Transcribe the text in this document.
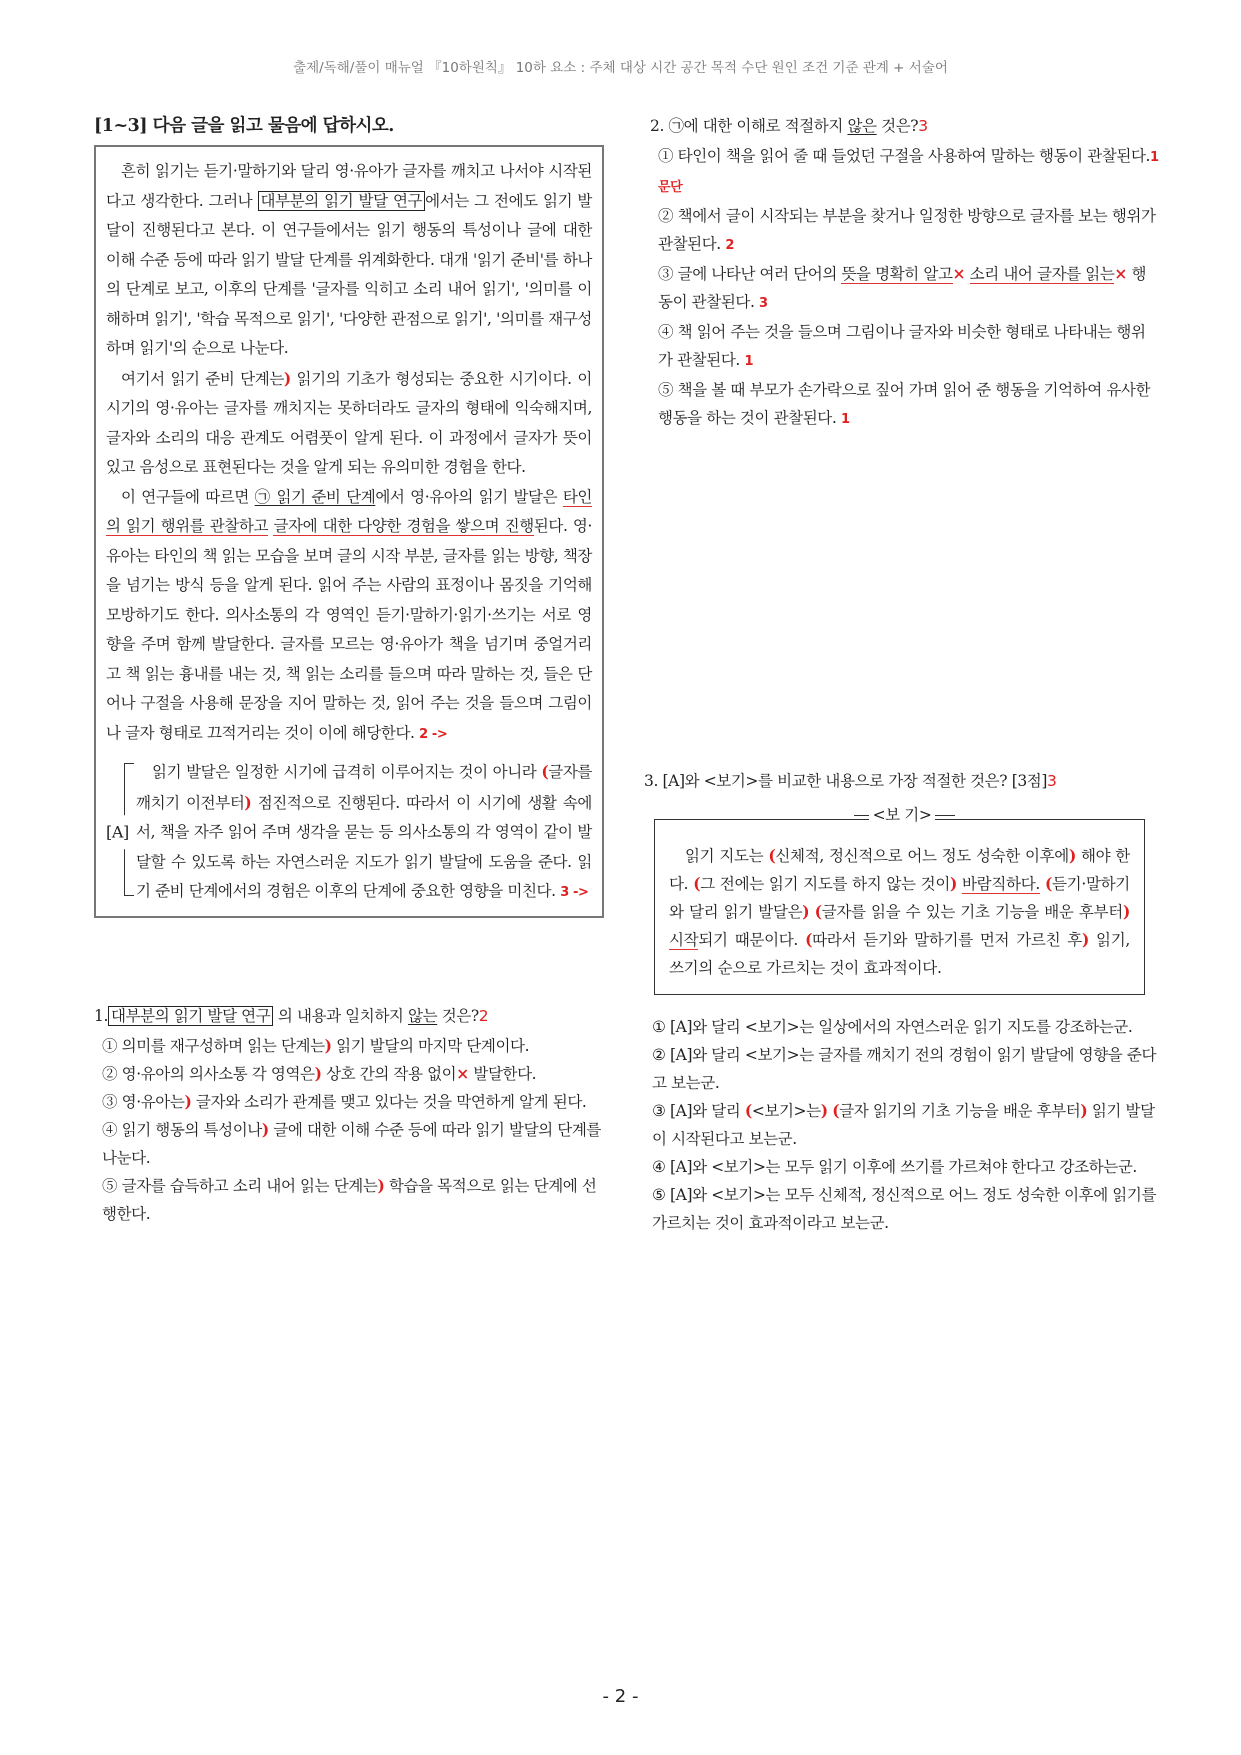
출제/독해/풀이 매뉴얼 『10하원칙』 10하 요소 : 주체 대상 시간 공간 목적 수단 원인 조건 기준 관계 + 서술어

[1~3] 다음 글을 읽고 물음에 답하시오.

흔히 읽기는 듣기·말하기와 달리 영·유아가 글자를 깨치고 나서야 시작된다고 생각한다. 그러나 대부분의 읽기 발달 연구 에서는 그 전에도 읽기 발달이 진행된다고 본다. 이 연구들에서는 읽기 행동의 특성이나 글에 대한 이해 수준 등에 따라 읽기 발달 단계를 위계화한다. 대개 '읽기 준비'를 하나의 단계로 보고, 이후의 단계를 '글자를 익히고 소리 내어 읽기', '의미를 이해하며 읽기', '학습 목적으로 읽기', '다양한 관점으로 읽기', '의미를 재구성하며 읽기'의 순으로 나눈다.

여기서 읽기 준비 단계는) 읽기의 기초가 형성되는 중요한 시기이다. 이 시기의 영·유아는 글자를 깨치지는 못하더라도 글자의 형태에 익숙해지며, 글자와 소리의 대응 관계도 어렴풋이 알게 된다. 이 과정에서 글자가 뜻이 있고 음성으로 표현된다는 것을 알게 되는 유의미한 경험을 한다.

이 연구들에 따르면 ㉠ 읽기 준비 단계에서 영·유아의 읽기 발달은 타인의 읽기 행위를 관찰하고 글자에 대한 다양한 경험을 쌓으며 진행된다. 영·유아는 타인의 책 읽는 모습을 보며 글의 시작 부분, 글자를 읽는 방향, 책장을 넘기는 방식 등을 알게 된다. 읽어 주는 사람의 표정이나 몸짓을 기억해 모방하기도 한다. 의사소통의 각 영역인 듣기·말하기·읽기·쓰기는 서로 영향을 주며 함께 발달한다. 글자를 모르는 영·유아가 책을 넘기며 중얼거리고 책 읽는 흉내를 내는 것, 책 읽는 소리를 들으며 따라 말하는 것, 들은 단어나 구절을 사용해 문장을 지어 말하는 것, 읽어 주는 것을 들으며 그림이나 글자 형태로 끄적거리는 것이 이에 해당한다. 2 ->

[A]

읽기 발달은 일정한 시기에 급격히 이루어지는 것이 아니라 (글자를 깨치기 이전부터) 점진적으로 진행된다. 따라서 이 시기에 생활 속에서, 책을 자주 읽어 주며 생각을 묻는 등 의사소통의 각 영역이 같이 발달할 수 있도록 하는 자연스러운 지도가 읽기 발달에 도움을 준다. 읽기 준비 단계에서의 경험은 이후의 단계에 중요한 영향을 미친다. 3 ->

1. 대부분의 읽기 발달 연구 의 내용과 일치하지 않는 것은?2

① 의미를 재구성하며 읽는 단계는) 읽기 발달의 마지막 단계이다.

② 영·유아의 의사소통 각 영역은) 상호 간의 작용 없이× 발달한다.

③ 영·유아는) 글자와 소리가 관계를 맺고 있다는 것을 막연하게 알게 된다.

④ 읽기 행동의 특성이나) 글에 대한 이해 수준 등에 따라 읽기 발달의 단계를 나눈다.

⑤ 글자를 습득하고 소리 내어 읽는 단계는) 학습을 목적으로 읽는 단계에 선행한다.

2. ㉠에 대한 이해로 적절하지 않은 것은?3

① 타인이 책을 읽어 줄 때 들었던 구절을 사용하여 말하는 행동이 관찰된다.1문단

② 책에서 글이 시작되는 부분을 찾거나 일정한 방향으로 글자를 보는 행위가 관찰된다. 2

③ 글에 나타난 여러 단어의 뜻을 명확히 알고× 소리 내어 글자를 읽는× 행동이 관찰된다. 3

④ 책 읽어 주는 것을 들으며 그림이나 글자와 비슷한 형태로 나타내는 행위가 관찰된다. 1

⑤ 책을 볼 때 부모가 손가락으로 짚어 가며 읽어 준 행동을 기억하여 유사한 행동을 하는 것이 관찰된다. 1

3. [A]와 <보기>를 비교한 내용으로 가장 적절한 것은? [3점]3

<보 기>
읽기 지도는 (신체적, 정신적으로 어느 정도 성숙한 이후에) 해야 한다. (그 전에는 읽기 지도를 하지 않는 것이) 바람직하다. (듣기·말하기와 달리 읽기 발달은) (글자를 읽을 수 있는 기초 기능을 배운 후부터) 시작되기 때문이다. (따라서 듣기와 말하기를 먼저 가르친 후) 읽기, 쓰기의 순으로 가르치는 것이 효과적이다.

① [A]와 달리 <보기>는 일상에서의 자연스러운 읽기 지도를 강조하는군.

② [A]와 달리 <보기>는 글자를 깨치기 전의 경험이 읽기 발달에 영향을 준다고 보는군.

③ [A]와 달리 (<보기>는) (글자 읽기의 기초 기능을 배운 후부터) 읽기 발달이 시작된다고 보는군.

④ [A]와 <보기>는 모두 읽기 이후에 쓰기를 가르쳐야 한다고 강조하는군.

⑤ [A]와 <보기>는 모두 신체적, 정신적으로 어느 정도 성숙한 이후에 읽기를 가르치는 것이 효과적이라고 보는군.

- 2 -
